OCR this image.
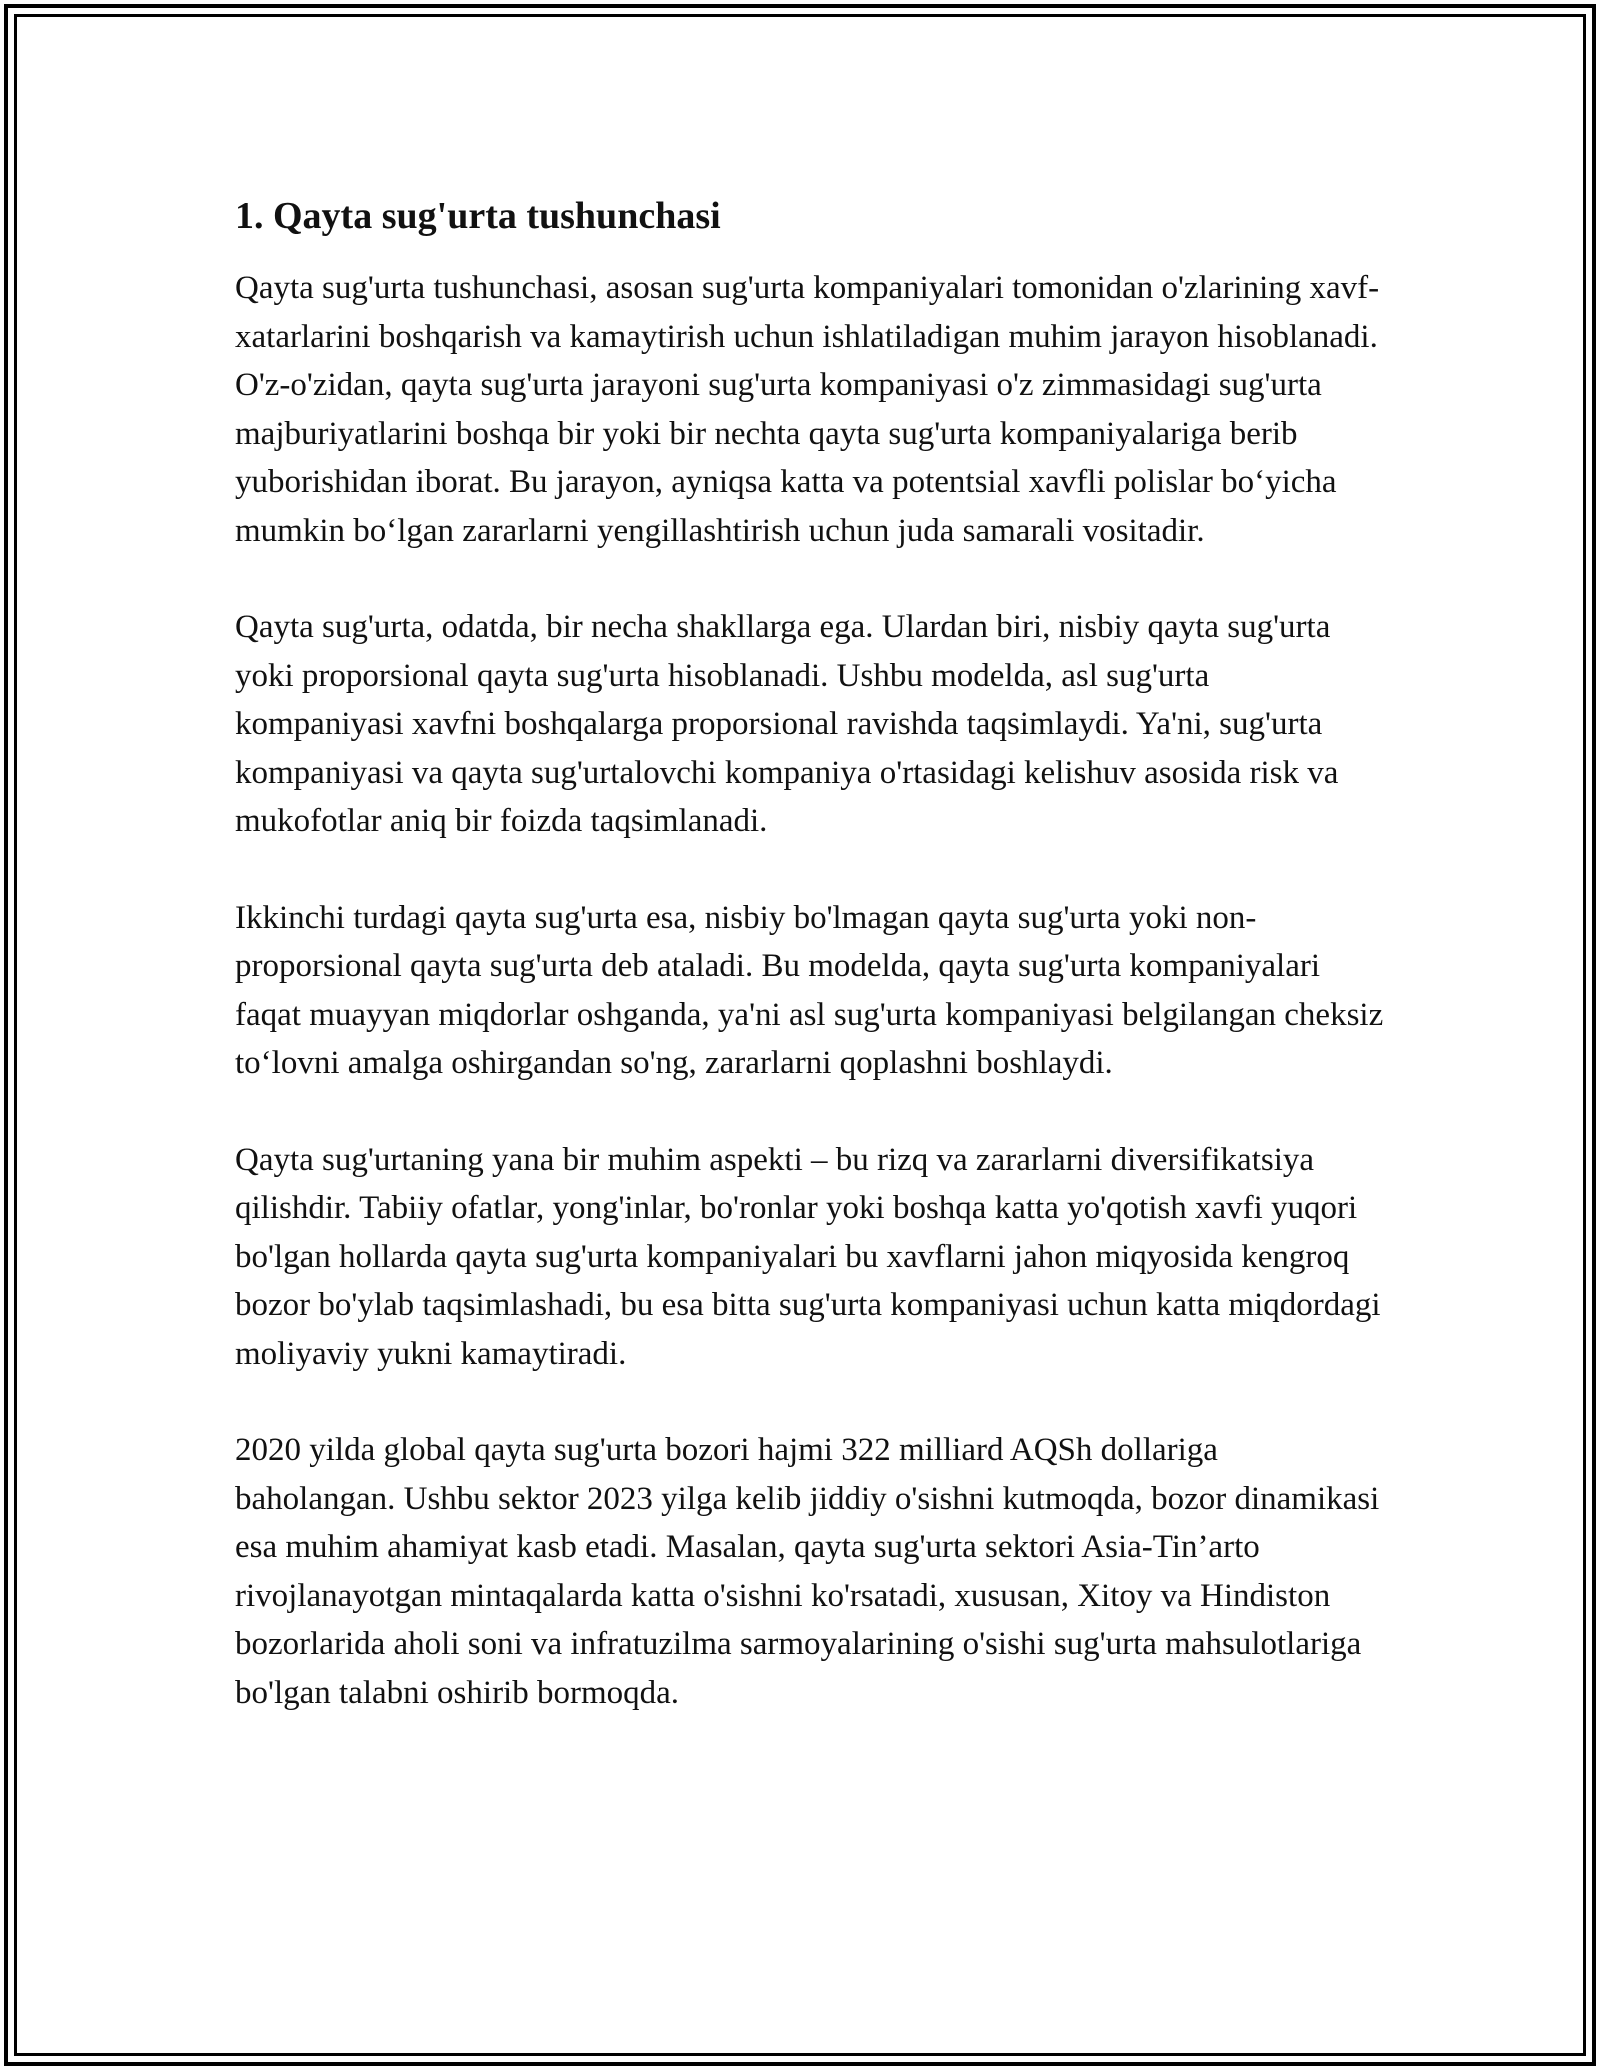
1. Qayta sug'urta tushunchasi

Qayta sug'urta tushunchasi, asosan sug'urta kompaniyalari tomonidan o'zlarining xavf-xatarlarini boshqarish va kamaytirish uchun ishlatiladigan muhim jarayon hisoblanadi. O'z-o'zidan, qayta sug'urta jarayoni sug'urta kompaniyasi o'z zimmasidagi sug'urta majburiyatlarini boshqa bir yoki bir nechta qayta sug'urta kompaniyalariga berib yuborishidan iborat. Bu jarayon, ayniqsa katta va potentsial xavfli polislar bo‘yicha mumkin bo‘lgan zararlarni yengillashtirish uchun juda samarali vositadir.

Qayta sug'urta, odatda, bir necha shakllarga ega. Ulardan biri, nisbiy qayta sug'urta yoki proporsional qayta sug'urta hisoblanadi. Ushbu modelda, asl sug'urta kompaniyasi xavfni boshqalarga proporsional ravishda taqsimlaydi. Ya'ni, sug'urta kompaniyasi va qayta sug'urtalovchi kompaniya o'rtasidagi kelishuv asosida risk va mukofotlar aniq bir foizda taqsimlanadi.

Ikkinchi turdagi qayta sug'urta esa, nisbiy bo'lmagan qayta sug'urta yoki non-proporsional qayta sug'urta deb ataladi. Bu modelda, qayta sug'urta kompaniyalari faqat muayyan miqdorlar oshganda, ya'ni asl sug'urta kompaniyasi belgilangan cheksiz to‘lovni amalga oshirgandan so'ng, zararlarni qoplashni boshlaydi.

Qayta sug'urtaning yana bir muhim aspekti – bu rizq va zararlarni diversifikatsiya qilishdir. Tabiiy ofatlar, yong'inlar, bo'ronlar yoki boshqa katta yo'qotish xavfi yuqori bo'lgan hollarda qayta sug'urta kompaniyalari bu xavflarni jahon miqyosida kengroq bozor bo'ylab taqsimlashadi, bu esa bitta sug'urta kompaniyasi uchun katta miqdordagi moliyaviy yukni kamaytiradi.

2020 yilda global qayta sug'urta bozori hajmi 322 milliard AQSh dollariga baholangan. Ushbu sektor 2023 yilga kelib jiddiy o'sishni kutmoqda, bozor dinamikasi esa muhim ahamiyat kasb etadi. Masalan, qayta sug'urta sektori Asia-Tin’arto rivojlanayotgan mintaqalarda katta o'sishni ko'rsatadi, xususan, Xitoy va Hindiston bozorlarida aholi soni va infratuzilma sarmoyalarining o'sishi sug'urta mahsulotlariga bo'lgan talabni oshirib bormoqda.
